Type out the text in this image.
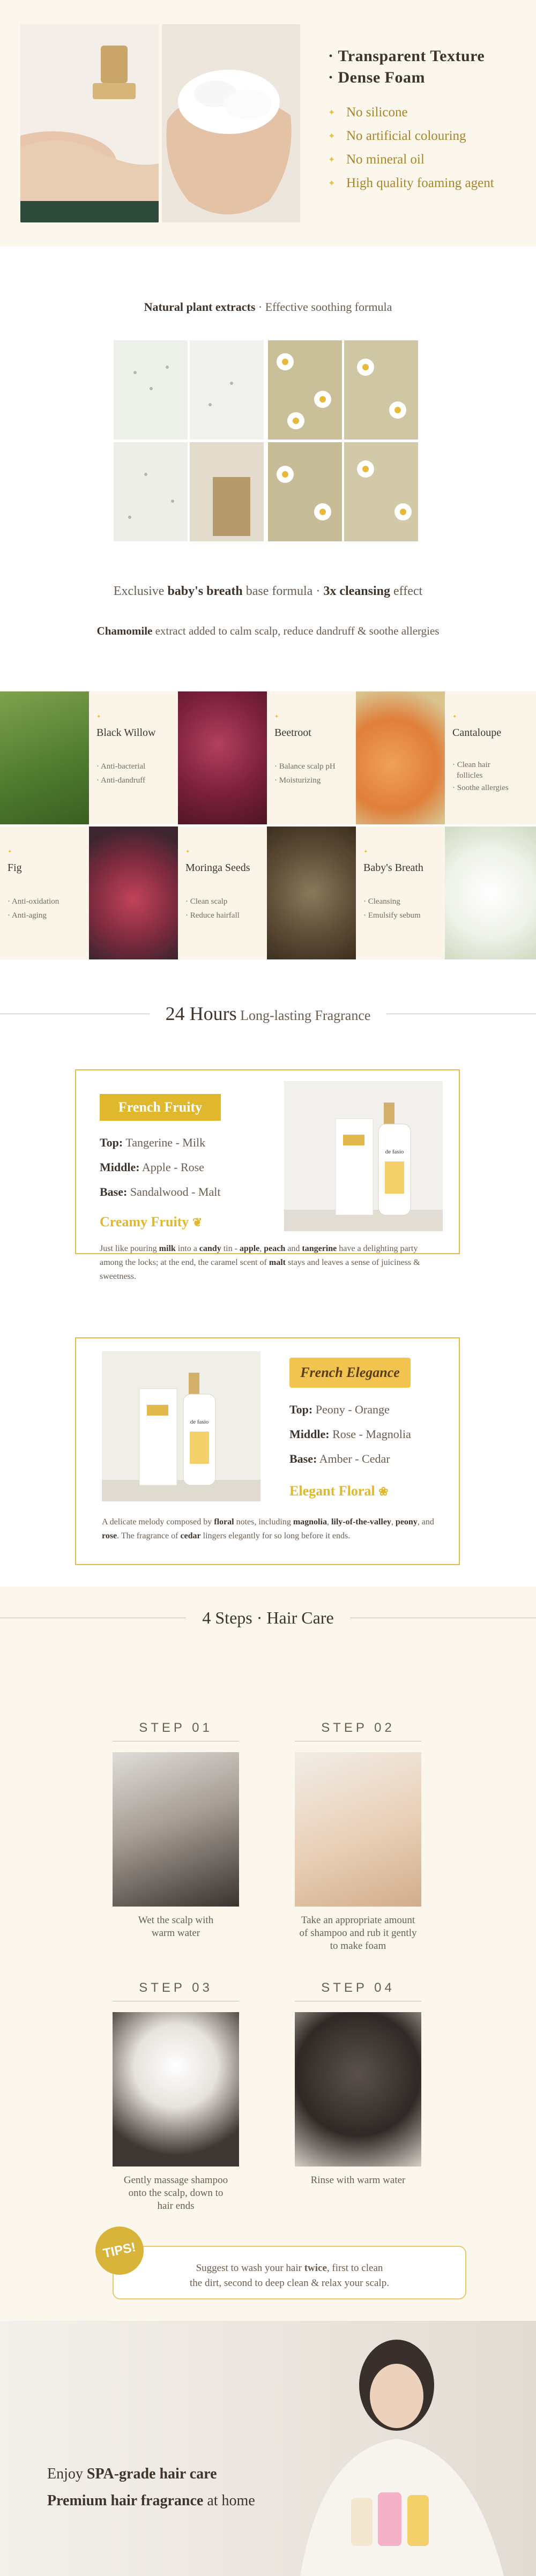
· Transparent Texture
· Dense Foam
✦ No silicone
✦ No artificial colouring
✦ No mineral oil
✦ High quality foaming agent
Natural plant extracts · Effective soothing formula
Exclusive baby's breath base formula · 3x cleansing effect
Chamomile extract added to calm scalp, reduce dandruff & soothe allergies
✦
Black Willow
· Anti-bacterial
· Anti-dandruff
✦
Beetroot
· Balance scalp pH
· Moisturizing
✦
Cantaloupe
· Clean hair
follicles
· Soothe allergies
✦
Fig
· Anti-oxidation
· Anti-aging
✦
Moringa Seeds
· Clean scalp
· Reduce hairfall
✦
Baby's Breath
· Cleansing
· Emulsify sebum
24 Hours Long-lasting Fragrance
French Fruity
Top: Tangerine - Milk
Middle: Apple - Rose
Base: Sandalwood - Malt
Creamy Fruity ❦
de fasio
Just like pouring milk into a candy tin - apple, peach and tangerine have a delighting party among the locks; at the end, the caramel scent of malt stays and leaves a sense of juiciness & sweetness.
de fasio
French Elegance
Top: Peony - Orange
Middle: Rose - Magnolia
Base: Amber - Cedar
Elegant Floral ❀
A delicate melody composed by floral notes, including magnolia, lily-of-the-valley, peony, and rose. The fragrance of cedar lingers elegantly for so long before it ends.
4 Steps · Hair Care
STEP 01
Wet the scalp with
warm water
STEP 02
Take an appropriate amount
of shampoo and rub it gently
to make foam
STEP 03
Gently massage shampoo
onto the scalp, down to
hair ends
STEP 04
Rinse with warm water
Suggest to wash your hair twice, first to clean
the dirt, second to deep clean & relax your scalp.
TIPS!
Enjoy SPA-grade hair care
Premium hair fragrance at home
